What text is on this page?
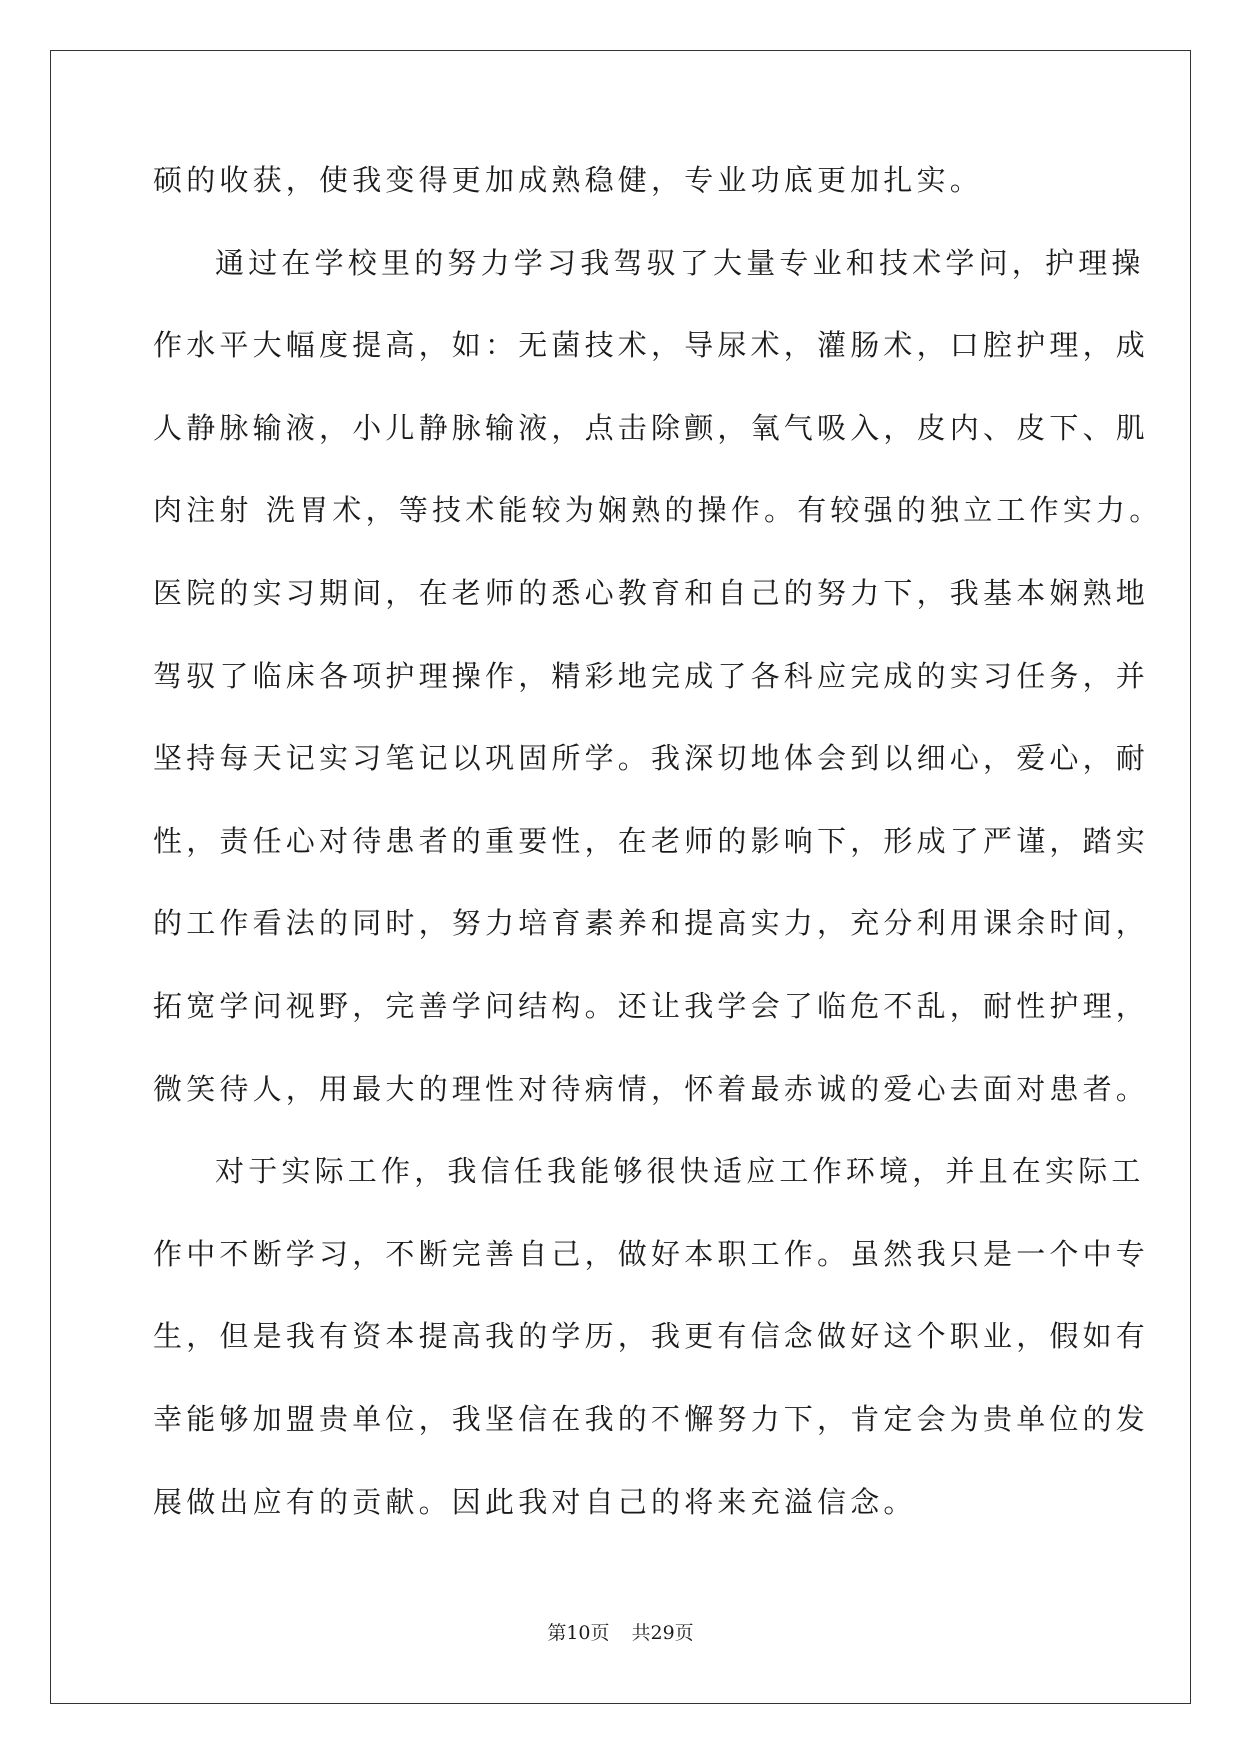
硕的收获，使我变得更加成熟稳健，专业功底更加扎实。
通过在学校里的努力学习我驾驭了大量专业和技术学问，护理操
作水平大幅度提高，如：无菌技术，导尿术，灌肠术，口腔护理，成
人静脉输液，小儿静脉输液，点击除颤，氧气吸入，皮内、皮下、肌
肉注射 洗胃术，等技术能较为娴熟的操作。有较强的独立工作实力。
医院的实习期间，在老师的悉心教育和自己的努力下，我基本娴熟地
驾驭了临床各项护理操作，精彩地完成了各科应完成的实习任务，并
坚持每天记实习笔记以巩固所学。我深切地体会到以细心，爱心，耐
性，责任心对待患者的重要性，在老师的影响下，形成了严谨，踏实
的工作看法的同时，努力培育素养和提高实力，充分利用课余时间，
拓宽学问视野，完善学问结构。还让我学会了临危不乱，耐性护理，
微笑待人，用最大的理性对待病情，怀着最赤诚的爱心去面对患者。
对于实际工作，我信任我能够很快适应工作环境，并且在实际工
作中不断学习，不断完善自己，做好本职工作。虽然我只是一个中专
生，但是我有资本提高我的学历，我更有信念做好这个职业，假如有
幸能够加盟贵单位，我坚信在我的不懈努力下，肯定会为贵单位的发
展做出应有的贡献。因此我对自己的将来充溢信念。
第10页 共29页
